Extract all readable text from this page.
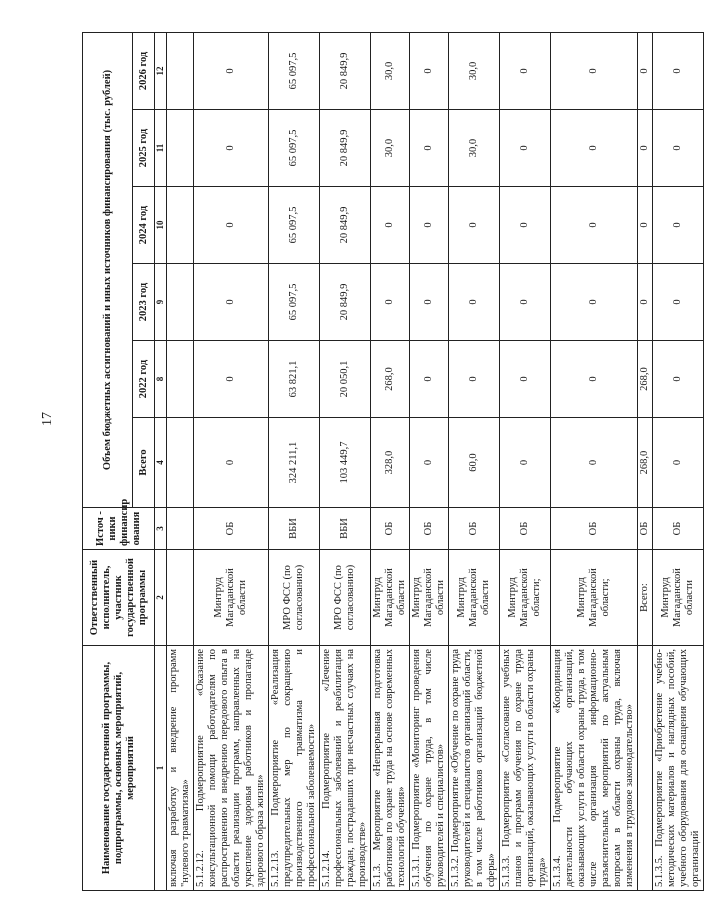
17
Наименование государственной программы, подпрограммы, основных мероприятий, мероприятий	Ответственный исполнитель, участник государственной программы	Источ - ники финансир ования	Объем бюджетных ассигнований и иных источников финансирования (тыс. рублей)					
			Всего	2022 год	2023 год	2024 год	2025 год	2026 год
1	2	3	4	8	9	10	11	12
включая разработку и внедрение программ "нулевого травматизма»								
5.1.2.12. Подмероприятие «Оказание консультационной помощи работодателям по распространению и внедрению передового опыта в области реализации программ, направленных на укрепление здоровья работников и пропаганде здорового образа жизни»	Минтруд Магаданской области	ОБ	0	0	0	0	0	0
5.1.2.13. Подмероприятие «Реализация предупредительных мер по сокращению производственного травматизма и профессиональной заболеваемости»	МРО ФСС (по согласованию)	ВБИ	324 211,1	63 821,1	65 097,5	65 097,5	65 097,5	65 097,5
5.1.2.14. Подмероприятие «Лечение профессиональных заболеваний и реабилитация граждан, пострадавших при несчастных случаях на производстве»	МРО ФСС (по согласованию)	ВБИ	103 449,7	20 050,1	20 849,9	20 849,9	20 849,9	20 849,9
5.1.3. Мероприятие «Непрерывная подготовка работников по охране труда на основе современных технологий обучения»	Минтруд Магаданской области	ОБ	328,0	268,0	0	0	30,0	30,0
5.1.3.1. Подмероприятие «Мониторинг проведения обучения по охране труда, в том числе руководителей и специалистов»	Минтруд Магаданской области	ОБ	0	0	0	0	0	0
5.1.3.2. Подмероприятие «Обучение по охране труда руководителей и специалистов организаций области, в том числе работников организаций бюджетной сферы»	Минтруд Магаданской области	ОБ	60,0	0	0	0	30,0	30,0
5.1.3.3. Подмероприятие «Согласование учебных планов и программ обучения по охране труда организаций, оказывающих услуги в области охраны труда»	Минтруд Магаданской области;	ОБ	0	0	0	0	0	0
5.1.3.4. Подмероприятие «Координация деятельности обучающих организаций, оказывающих услуги в области охраны труда, в том числе организация информационно-разъяснительных мероприятий по актуальным вопросам в области охраны труда, включая изменения в трудовое законодательство»	Минтруд Магаданской области;	ОБ	0	0	0	0	0	0
	Всего:	ОБ	268,0	268,0	0	0	0	0
5.1.3.5. Подмероприятие «Приобретение учебно-методических материалов и наглядных пособий, учебного оборудования для оснащения обучающих организаций	Минтруд Магаданской области	ОБ	0	0	0	0	0	0
